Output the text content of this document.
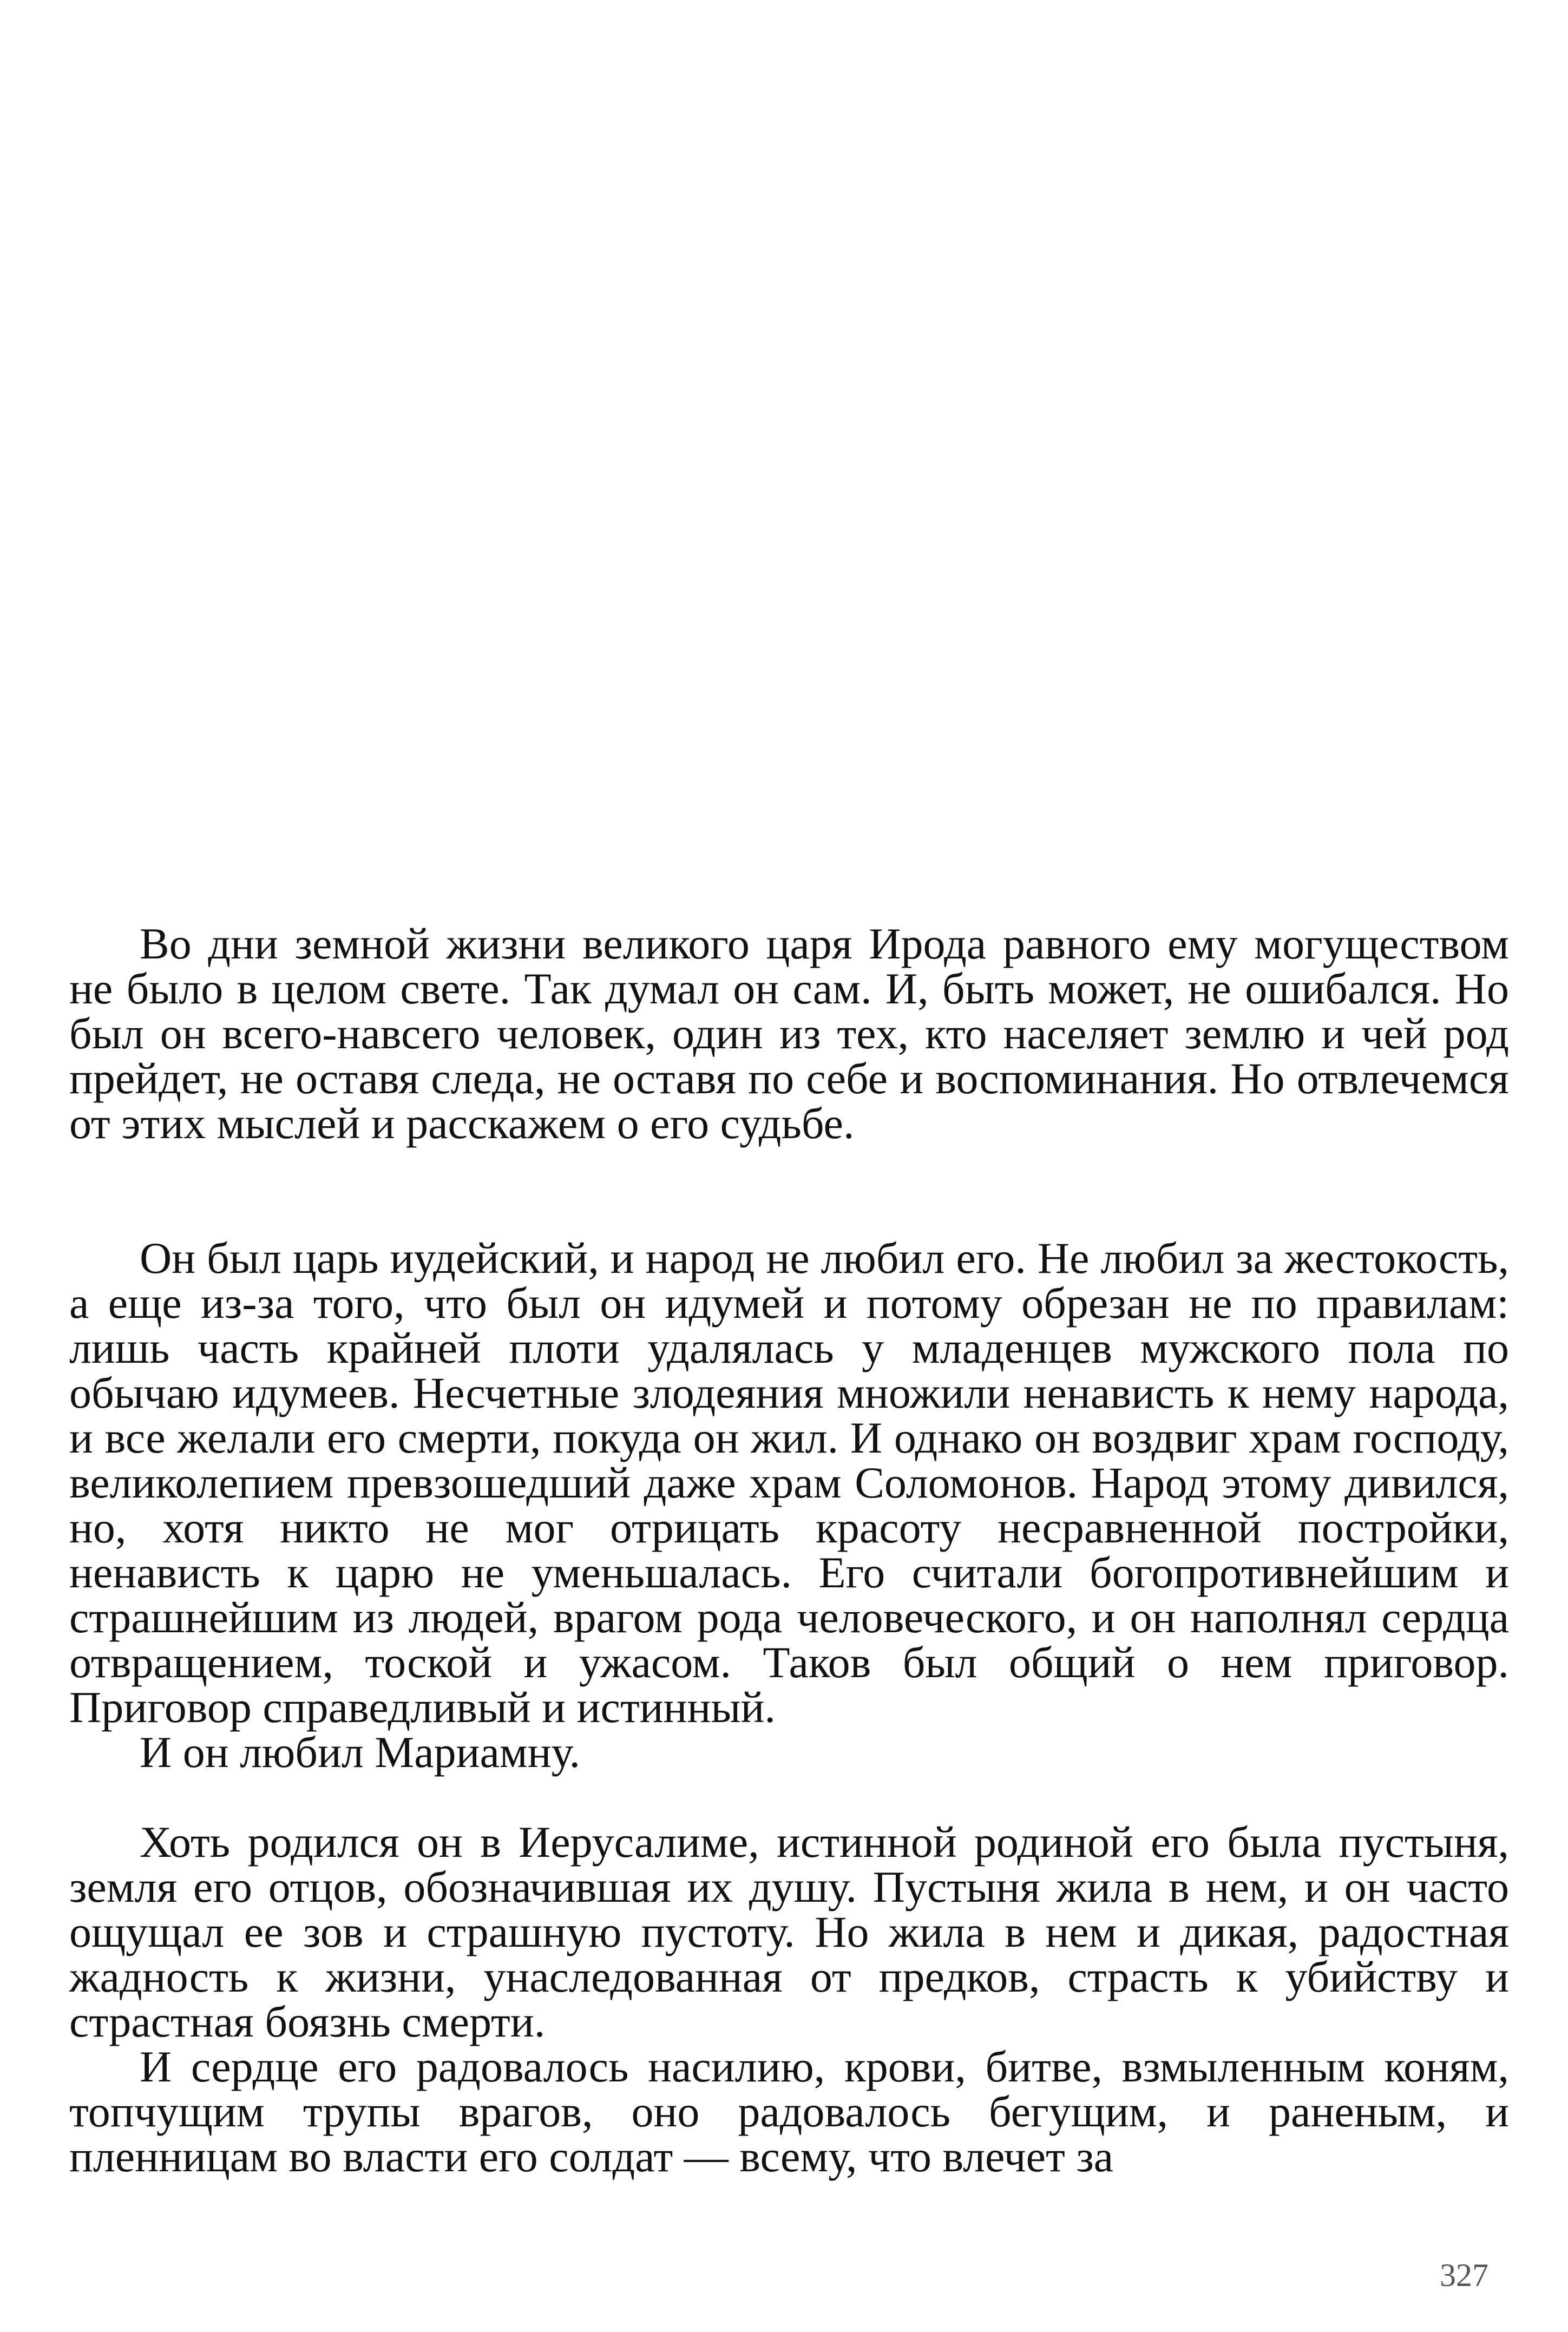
Во дни земной жизни великого царя Ирода равного ему могуществом не было в целом свете. Так думал он сам. И, быть может, не ошибался. Но был он всего-навсего человек, один из тех, кто населяет землю и чей род прейдет, не оставя следа, не оставя по себе и воспоминания. Но отвлечемся от этих мыслей и расскажем о его судьбе.

Он был царь иудейский, и народ не любил его. Не любил за жестокость, а еще из-за того, что был он идумей и потому обрезан не по правилам: лишь часть крайней плоти удалялась у младенцев мужского пола по обычаю идумеев. Несчетные злодеяния множили ненависть к нему народа, и все желали его смерти, покуда он жил. И однако он воздвиг храм господу, великолепием превзошедший даже храм Соломонов. Народ этому дивился, но, хотя никто не мог отрицать красоту несравненной постройки, ненависть к царю не уменьшалась. Его считали богопротивнейшим и страшнейшим из людей, врагом рода человеческого, и он наполнял сердца отвращением, тоской и ужасом. Таков был общий о нем приговор. Приговор справедливый и истинный.

И он любил Мариамну.

Хоть родился он в Иерусалиме, истинной родиной его была пустыня, земля его отцов, обозначившая их душу. Пустыня жила в нем, и он часто ощущал ее зов и страшную пустоту. Но жила в нем и дикая, радостная жадность к жизни, унаследованная от предков, страсть к убийству и страстная боязнь смерти.

И сердце его радовалось насилию, крови, битве, взмыленным коням, топчущим трупы врагов, оно радовалось бегущим, и раненым, и пленницам во власти его солдат — всему, что влечет за

327
